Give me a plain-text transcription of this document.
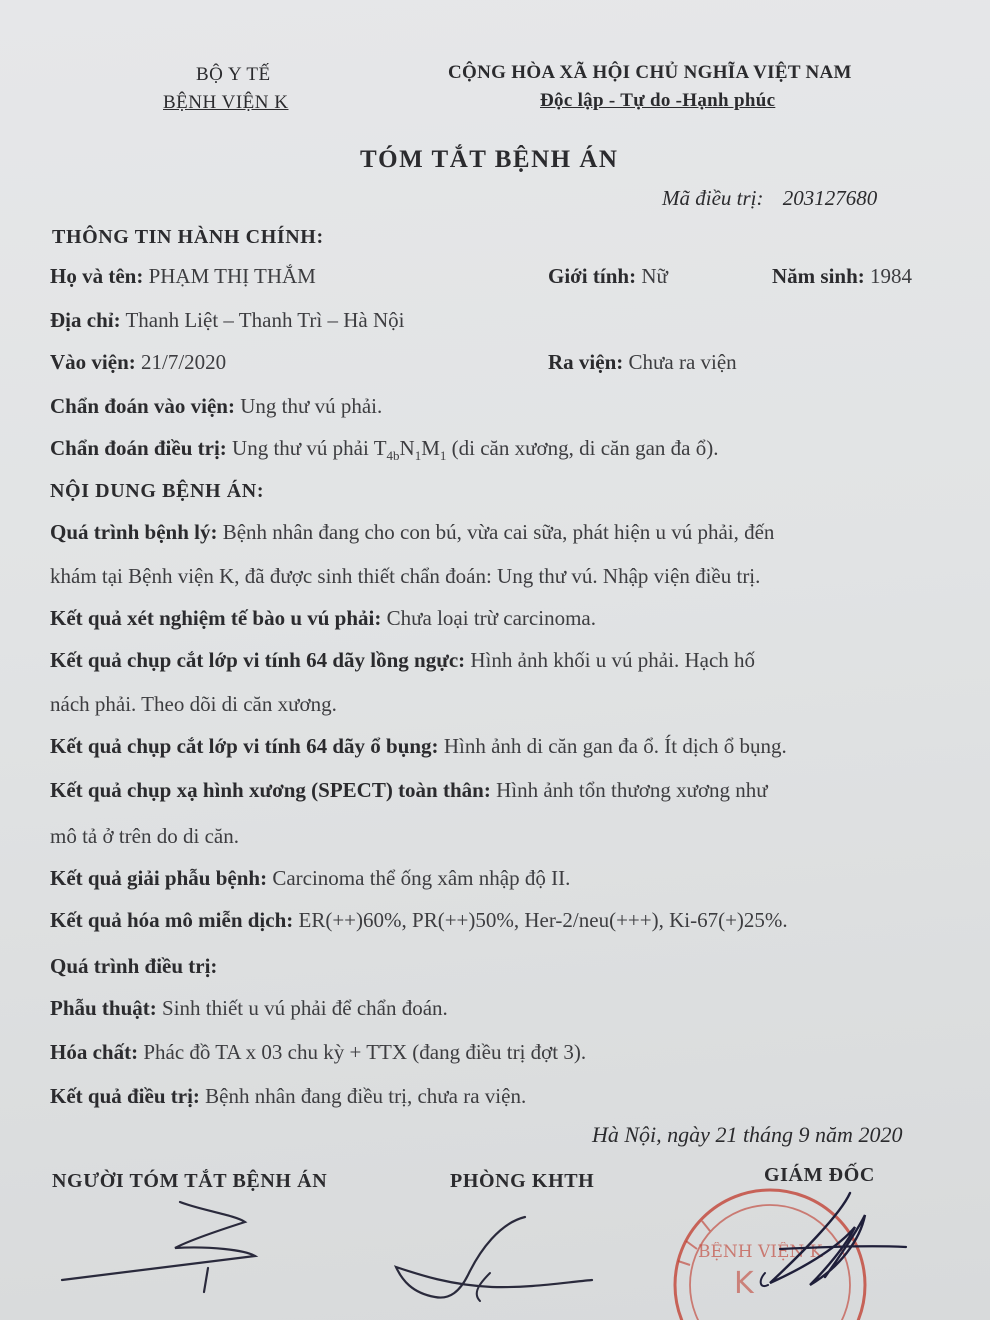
BỘ Y TẾ
BỆNH VIỆN K
CỘNG HÒA XÃ HỘI CHỦ NGHĨA VIỆT NAM
Độc lập - Tự do -Hạnh phúc
TÓM TẮT BỆNH ÁN
Mã điều trị: 203127680
THÔNG TIN HÀNH CHÍNH:
Họ và tên: PHẠM THỊ THẮM	Giới tính: Nữ	Năm sinh: 1984
Địa chỉ: Thanh Liệt – Thanh Trì – Hà Nội
Vào viện: 21/7/2020	Ra viện: Chưa ra viện
Chẩn đoán vào viện: Ung thư vú phải.
Chẩn đoán điều trị: Ung thư vú phải $T_{4b}N_1M_1$ (di căn xương, di căn gan đa ổ).
NỘI DUNG BỆNH ÁN:
Quá trình bệnh lý: Bệnh nhân đang cho con bú, vừa cai sữa, phát hiện u vú phải, đến
khám tại Bệnh viện K, đã được sinh thiết chẩn đoán: Ung thư vú. Nhập viện điều trị.
Kết quả xét nghiệm tế bào u vú phải: Chưa loại trừ carcinoma.
Kết quả chụp cắt lớp vi tính 64 dãy lồng ngực: Hình ảnh khối u vú phải. Hạch hố
nách phải. Theo dõi di căn xương.
Kết quả chụp cắt lớp vi tính 64 dãy ổ bụng: Hình ảnh di căn gan đa ổ. Ít dịch ổ bụng.
Kết quả chụp xạ hình xương (SPECT) toàn thân: Hình ảnh tổn thương xương như
mô tả ở trên do di căn.
Kết quả giải phẫu bệnh: Carcinoma thể ống xâm nhập độ II.
Kết quả hóa mô miễn dịch: ER(++)60%, PR(++)50%, Her-2/neu(+++), Ki-67(+)25%.
Quá trình điều trị:
Phẫu thuật: Sinh thiết u vú phải để chẩn đoán.
Hóa chất: Phác đồ TA x 03 chu kỳ + TTX (đang điều trị đợt 3).
Kết quả điều trị: Bệnh nhân đang điều trị, chưa ra viện.
Hà Nội, ngày 21 tháng 9 năm 2020
NGƯỜI TÓM TẮT BỆNH ÁN	PHÒNG KHTH	GIÁM ĐỐC
BỆNH VIỆN K
K
